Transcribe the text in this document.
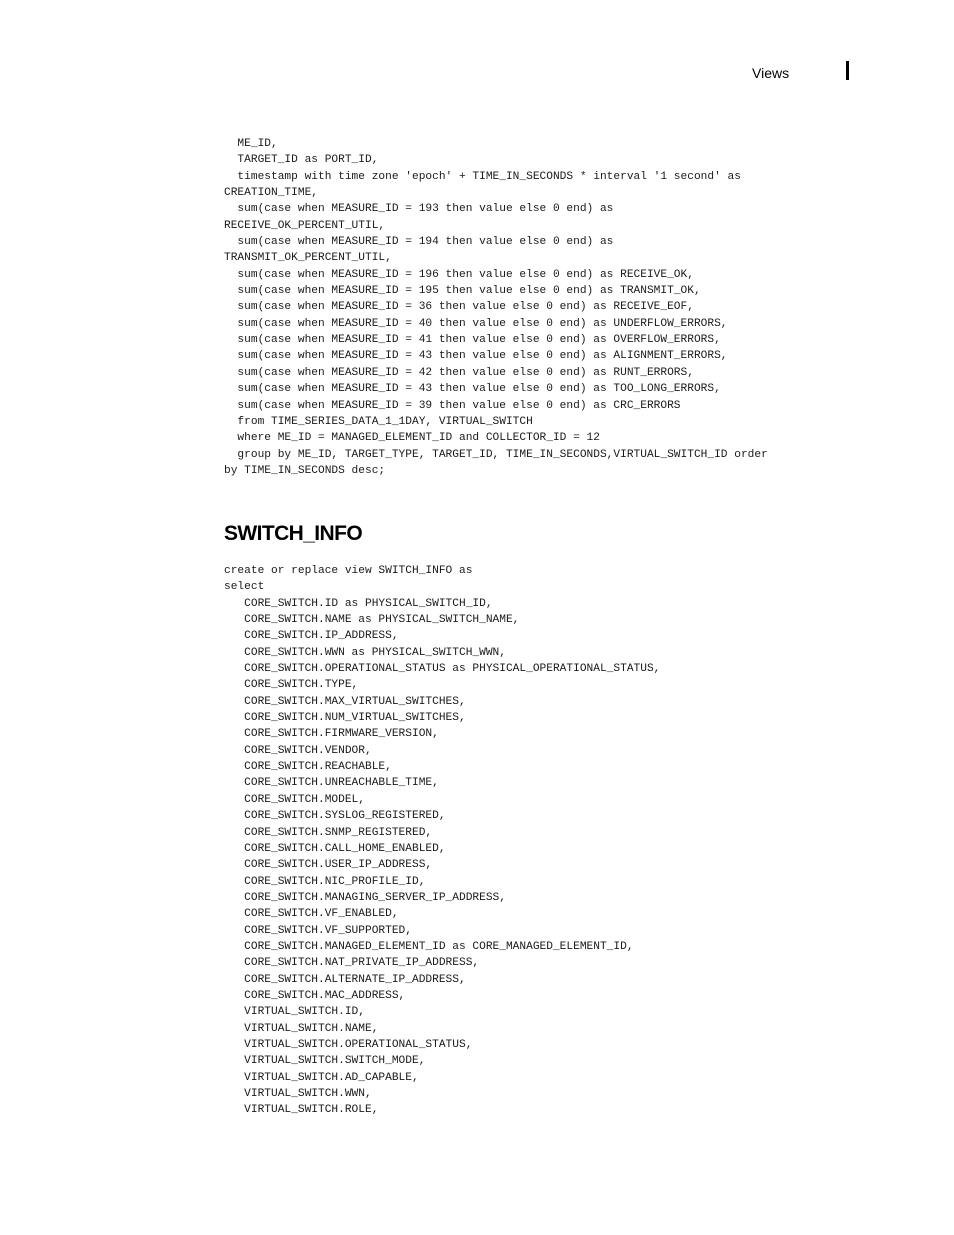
Views
ME_ID,
TARGET_ID as PORT_ID,
timestamp with time zone 'epoch' + TIME_IN_SECONDS * interval '1 second' as
CREATION_TIME,
sum(case when MEASURE_ID = 193 then value else 0 end) as
RECEIVE_OK_PERCENT_UTIL,
sum(case when MEASURE_ID = 194 then value else 0 end) as
TRANSMIT_OK_PERCENT_UTIL,
sum(case when MEASURE_ID = 196 then value else 0 end) as RECEIVE_OK,
sum(case when MEASURE_ID = 195 then value else 0 end) as TRANSMIT_OK,
sum(case when MEASURE_ID = 36 then value else 0 end) as RECEIVE_EOF,
sum(case when MEASURE_ID = 40 then value else 0 end) as UNDERFLOW_ERRORS,
sum(case when MEASURE_ID = 41 then value else 0 end) as OVERFLOW_ERRORS,
sum(case when MEASURE_ID = 43 then value else 0 end) as ALIGNMENT_ERRORS,
sum(case when MEASURE_ID = 42 then value else 0 end) as RUNT_ERRORS,
sum(case when MEASURE_ID = 43 then value else 0 end) as TOO_LONG_ERRORS,
sum(case when MEASURE_ID = 39 then value else 0 end) as CRC_ERRORS
from TIME_SERIES_DATA_1_1DAY, VIRTUAL_SWITCH
where ME_ID = MANAGED_ELEMENT_ID and COLLECTOR_ID = 12
group by ME_ID, TARGET_TYPE, TARGET_ID, TIME_IN_SECONDS,VIRTUAL_SWITCH_ID order
by TIME_IN_SECONDS desc;
SWITCH_INFO
create or replace view SWITCH_INFO as
select
CORE_SWITCH.ID as PHYSICAL_SWITCH_ID,
CORE_SWITCH.NAME as PHYSICAL_SWITCH_NAME,
CORE_SWITCH.IP_ADDRESS,
CORE_SWITCH.WWN as PHYSICAL_SWITCH_WWN,
CORE_SWITCH.OPERATIONAL_STATUS as PHYSICAL_OPERATIONAL_STATUS,
CORE_SWITCH.TYPE,
CORE_SWITCH.MAX_VIRTUAL_SWITCHES,
CORE_SWITCH.NUM_VIRTUAL_SWITCHES,
CORE_SWITCH.FIRMWARE_VERSION,
CORE_SWITCH.VENDOR,
CORE_SWITCH.REACHABLE,
CORE_SWITCH.UNREACHABLE_TIME,
CORE_SWITCH.MODEL,
CORE_SWITCH.SYSLOG_REGISTERED,
CORE_SWITCH.SNMP_REGISTERED,
CORE_SWITCH.CALL_HOME_ENABLED,
CORE_SWITCH.USER_IP_ADDRESS,
CORE_SWITCH.NIC_PROFILE_ID,
CORE_SWITCH.MANAGING_SERVER_IP_ADDRESS,
CORE_SWITCH.VF_ENABLED,
CORE_SWITCH.VF_SUPPORTED,
CORE_SWITCH.MANAGED_ELEMENT_ID as CORE_MANAGED_ELEMENT_ID,
CORE_SWITCH.NAT_PRIVATE_IP_ADDRESS,
CORE_SWITCH.ALTERNATE_IP_ADDRESS,
CORE_SWITCH.MAC_ADDRESS,
VIRTUAL_SWITCH.ID,
VIRTUAL_SWITCH.NAME,
VIRTUAL_SWITCH.OPERATIONAL_STATUS,
VIRTUAL_SWITCH.SWITCH_MODE,
VIRTUAL_SWITCH.AD_CAPABLE,
VIRTUAL_SWITCH.WWN,
VIRTUAL_SWITCH.ROLE,
